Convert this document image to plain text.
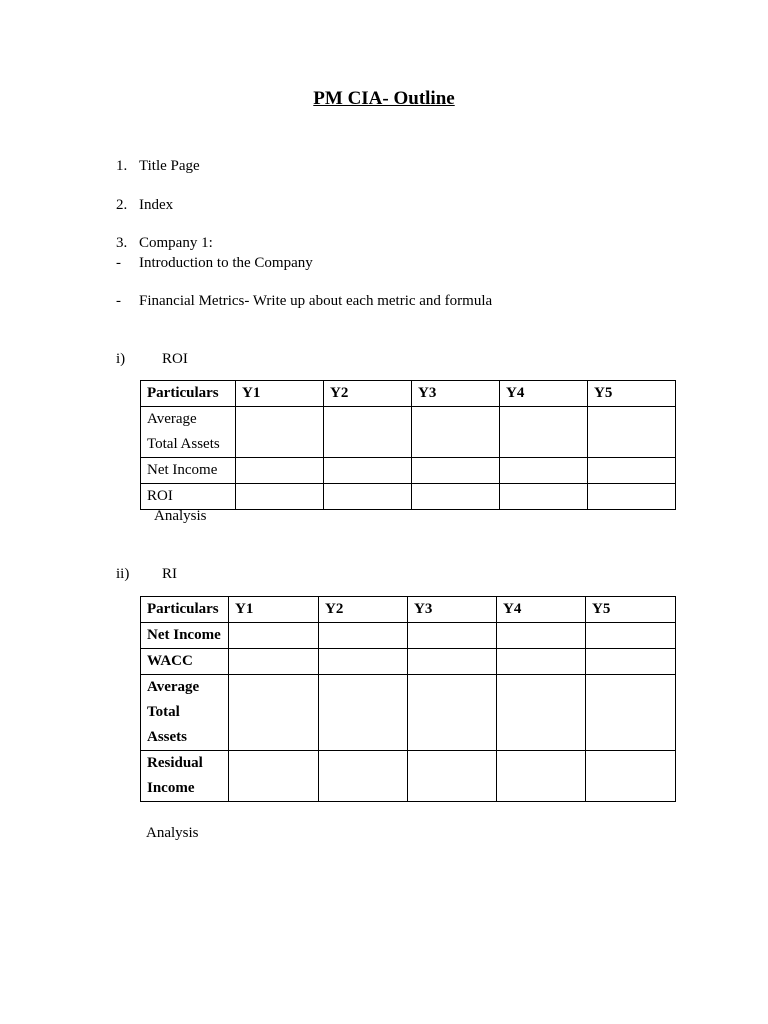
PM CIA- Outline
1. Title Page
2. Index
3. Company 1:
- Introduction to the Company
- Financial Metrics- Write up about each metric and formula
i) ROI
Particulars	Y1	Y2	Y3	Y4	Y5
Average Total Assets					
Net Income					
ROI					
Analysis
ii) RI
Particulars	Y1	Y2	Y3	Y4	Y5
Net Income					
WACC					
Average Total Assets					
Residual Income					
Analysis
